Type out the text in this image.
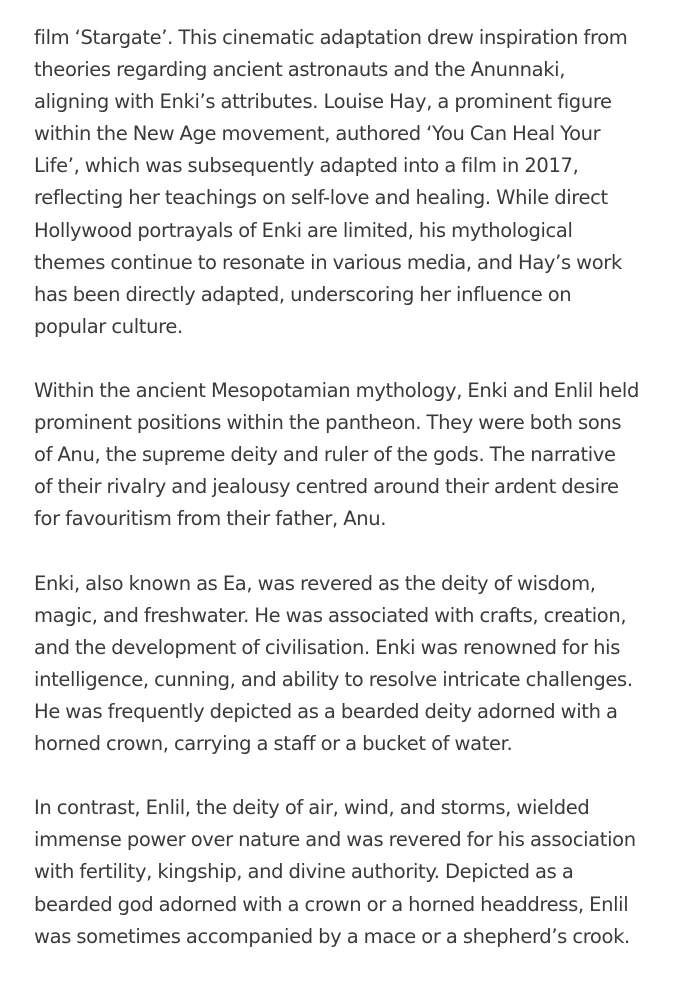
film ‘Stargate’. This cinematic adaptation drew inspiration from
theories regarding ancient astronauts and the Anunnaki,
aligning with Enki’s attributes. Louise Hay, a prominent figure
within the New Age movement, authored ‘You Can Heal Your
Life’, which was subsequently adapted into a film in 2017,
reflecting her teachings on self-love and healing. While direct
Hollywood portrayals of Enki are limited, his mythological
themes continue to resonate in various media, and Hay’s work
has been directly adapted, underscoring her influence on
popular culture.

Within the ancient Mesopotamian mythology, Enki and Enlil held
prominent positions within the pantheon. They were both sons
of Anu, the supreme deity and ruler of the gods. The narrative
of their rivalry and jealousy centred around their ardent desire
for favouritism from their father, Anu.

Enki, also known as Ea, was revered as the deity of wisdom,
magic, and freshwater. He was associated with crafts, creation,
and the development of civilisation. Enki was renowned for his
intelligence, cunning, and ability to resolve intricate challenges.
He was frequently depicted as a bearded deity adorned with a
horned crown, carrying a staff or a bucket of water.

In contrast, Enlil, the deity of air, wind, and storms, wielded
immense power over nature and was revered for his association
with fertility, kingship, and divine authority. Depicted as a
bearded god adorned with a crown or a horned headdress, Enlil
was sometimes accompanied by a mace or a shepherd’s crook.
